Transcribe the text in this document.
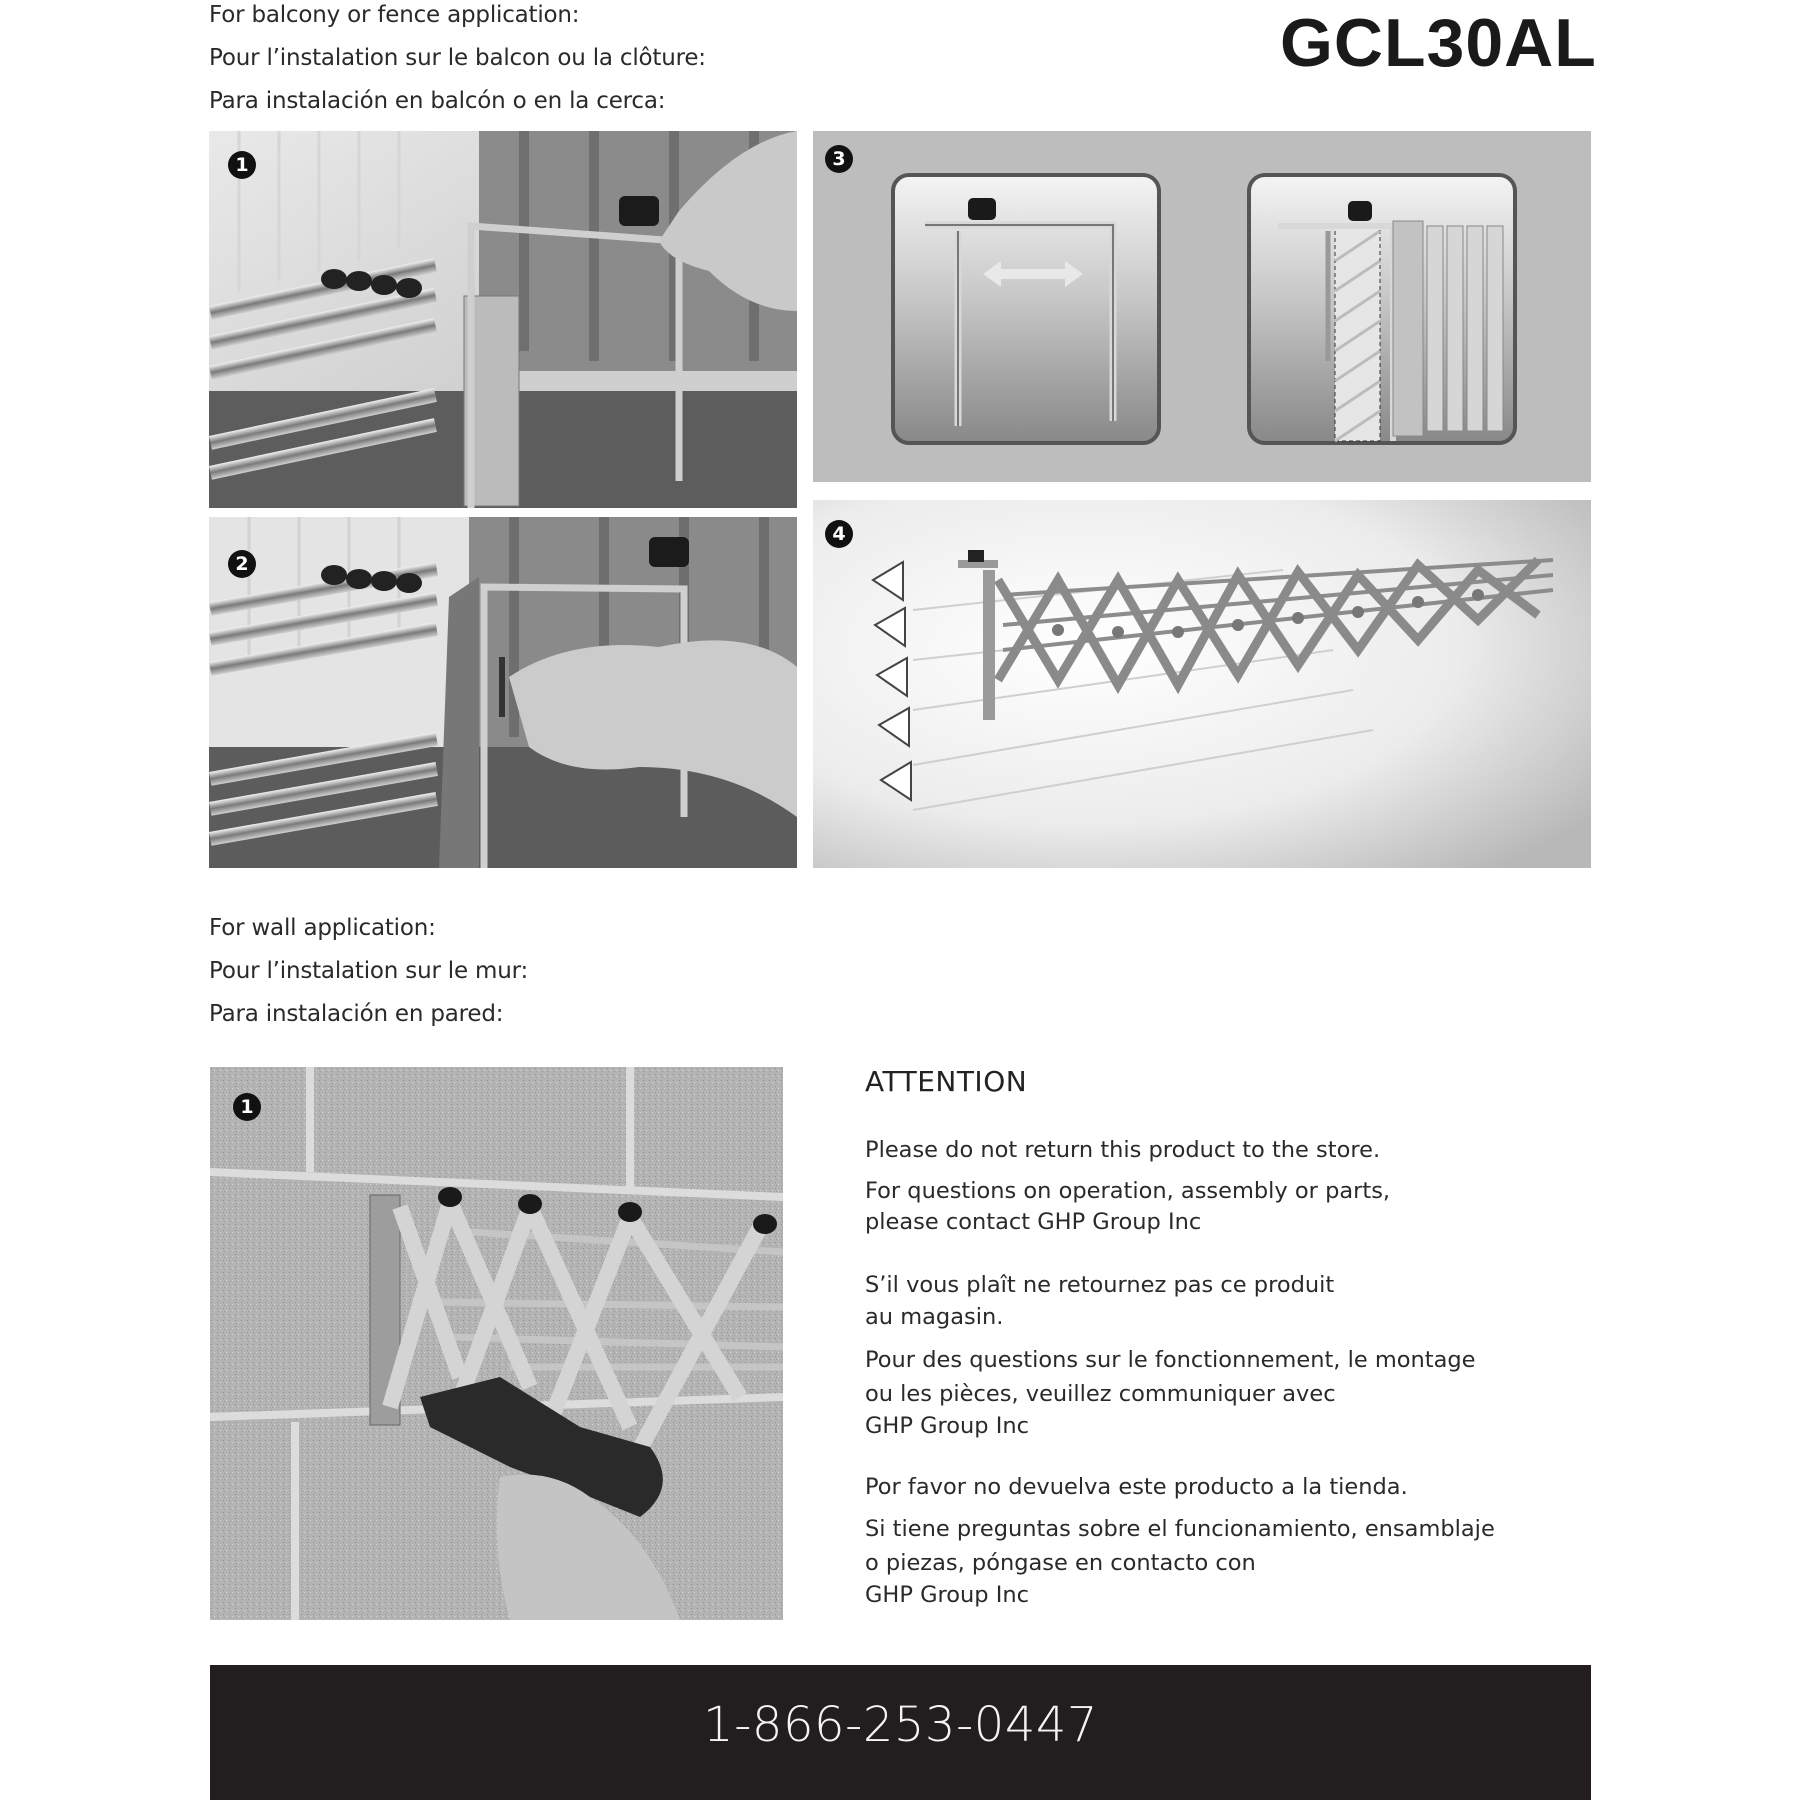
For balcony or fence application:
Pour l’instalation sur le balcon ou la clôture:
Para instalación en balcón o en la cerca:
GCL30AL
1
2
3
4
For wall application:
Pour l’instalation sur le mur:
Para instalación en pared:
1
ATTENTION
Please do not return this product to the store.
For questions on operation, assembly or parts,
please contact GHP Group Inc
S’il vous plaît ne retournez pas ce produit
au magasin.
Pour des questions sur le fonctionnement, le montage
ou les pièces, veuillez communiquer avec
GHP Group Inc
Por favor no devuelva este producto a la tienda.
Si tiene preguntas sobre el funcionamiento, ensamblaje
o piezas, póngase en contacto con
GHP Group Inc
1-866-253-0447
